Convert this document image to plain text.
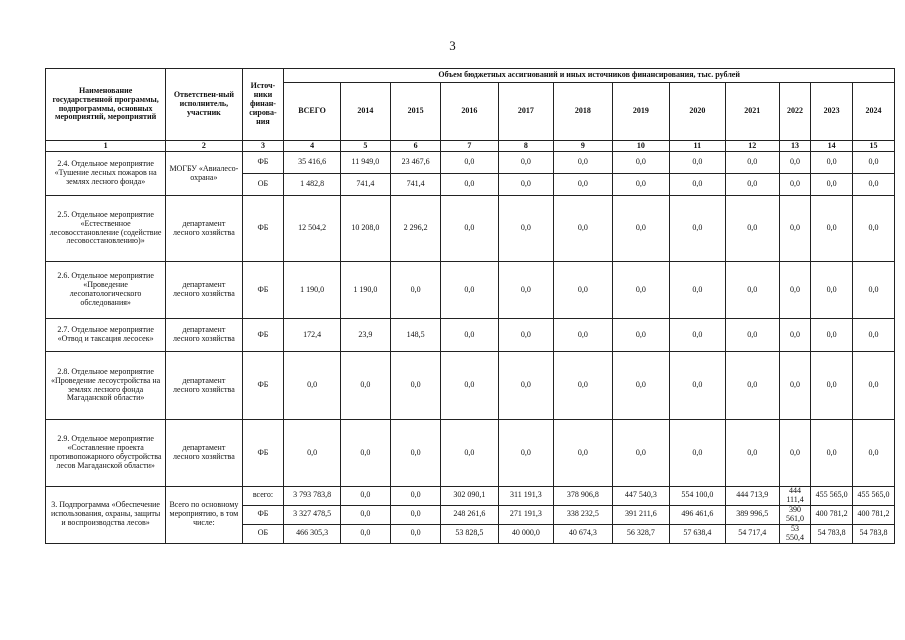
3
Наименование государственной программы, подпрограммы, основных мероприятий, мероприятий	Ответствен-ный исполнитель, участник	Источ-ники финан-сирова-ния	Объем бюджетных ассигнований и иных источников финансирования, тыс. рублей											
			ВСЕГО	2014	2015	2016	2017	2018	2019	2020	2021	2022	2023	2024
1	2	3	4	5	6	7	8	9	10	11	12	13	14	15
2.4. Отдельное мероприятие «Тушение лесных пожаров на землях лесного фонда»	МОГБУ «Авиалесо-охрана»	ФБ	35 416,6	11 949,0	23 467,6	0,0	0,0	0,0	0,0	0,0	0,0	0,0	0,0	0,0
		ОБ	1 482,8	741,4	741,4	0,0	0,0	0,0	0,0	0,0	0,0	0,0	0,0	0,0
2.5. Отдельное мероприятие «Естественное лесовосстановление (содействие лесовосстановлению)»	департамент лесного хозяйства	ФБ	12 504,2	10 208,0	2 296,2	0,0	0,0	0,0	0,0	0,0	0,0	0,0	0,0	0,0
2.6. Отдельное мероприятие «Проведение лесопатологического обследования»	департамент лесного хозяйства	ФБ	1 190,0	1 190,0	0,0	0,0	0,0	0,0	0,0	0,0	0,0	0,0	0,0	0,0
2.7. Отдельное мероприятие «Отвод и таксация лесосек»	департамент лесного хозяйства	ФБ	172,4	23,9	148,5	0,0	0,0	0,0	0,0	0,0	0,0	0,0	0,0	0,0
2.8. Отдельное мероприятие «Проведение лесоустройства на землях лесного фонда Магаданской области»	департамент лесного хозяйства	ФБ	0,0	0,0	0,0	0,0	0,0	0,0	0,0	0,0	0,0	0,0	0,0	0,0
2.9. Отдельное мероприятие «Составление проекта противопожарного обустройства лесов Магаданской области»	департамент лесного хозяйства	ФБ	0,0	0,0	0,0	0,0	0,0	0,0	0,0	0,0	0,0	0,0	0,0	0,0
3. Подпрограмма «Обеспечение использования, охраны, защиты и воспроизводства лесов»	Всего по основному мероприятию, в том числе:	всего:	3 793 783,8	0,0	0,0	302 090,1	311 191,3	378 906,8	447 540,3	554 100,0	444 713,9	444 111,4	455 565,0	455 565,0
		ФБ	3 327 478,5	0,0	0,0	248 261,6	271 191,3	338 232,5	391 211,6	496 461,6	389 996,5	390 561,0	400 781,2	400 781,2
		ОБ	466 305,3	0,0	0,0	53 828,5	40 000,0	40 674,3	56 328,7	57 638,4	54 717,4	53 550,4	54 783,8	54 783,8
